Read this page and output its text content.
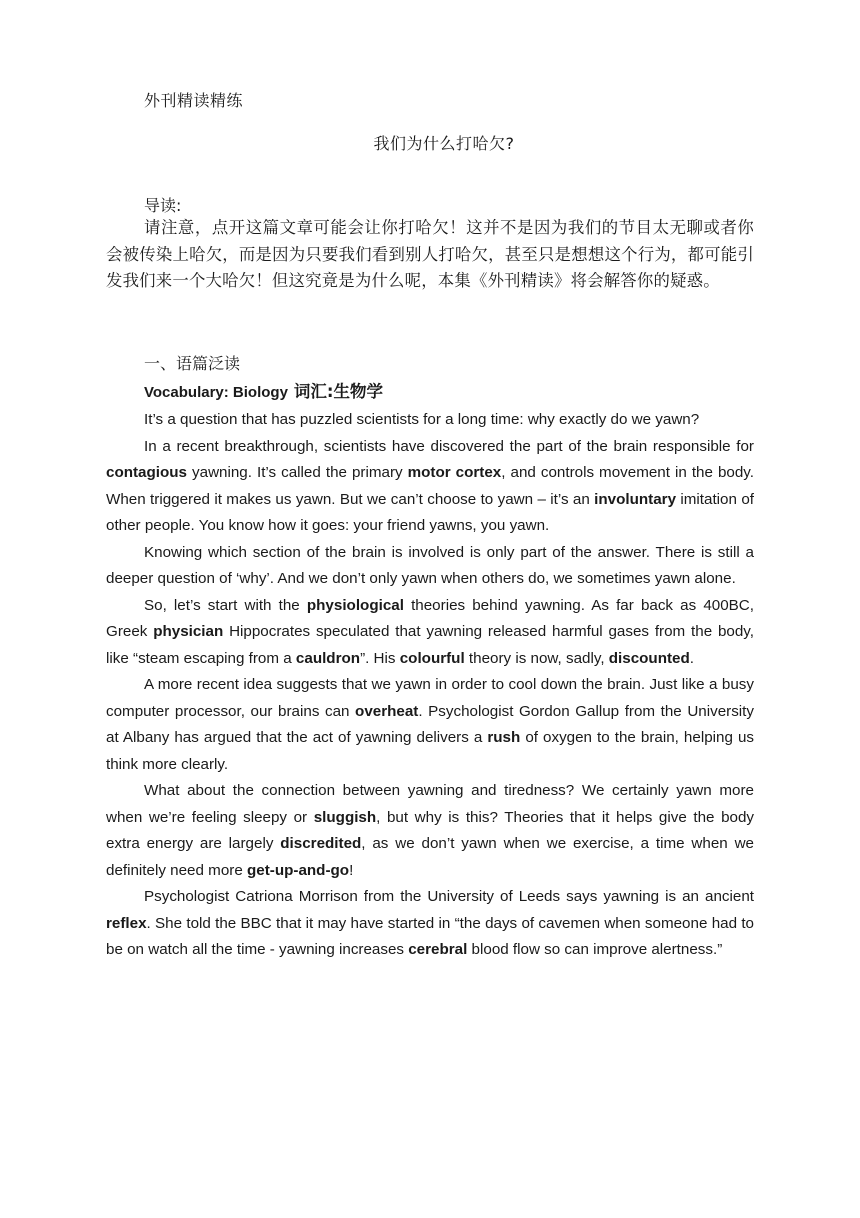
外刊精读精练
我们为什么打哈欠?
导读:
请注意，点开这篇文章可能会让你打哈欠！这并不是因为我们的节目太无聊或者你会被传染上哈欠，而是因为只要我们看到别人打哈欠，甚至只是想想这个行为，都可能引发我们来一个大哈欠！但这究竟是为什么呢，本集《外刊精读》将会解答你的疑惑。
一、语篇泛读
Vocabulary: Biology 词汇:生物学

It’s a question that has puzzled scientists for a long time: why exactly do we yawn?

In a recent breakthrough, scientists have discovered the part of the brain responsible for contagious yawning. It’s called the primary motor cortex, and controls movement in the body. When triggered it makes us yawn. But we can’t choose to yawn – it’s an involuntary imitation of other people. You know how it goes: your friend yawns, you yawn.

Knowing which section of the brain is involved is only part of the answer. There is still a deeper question of ‘why’. And we don’t only yawn when others do, we sometimes yawn alone.

So, let’s start with the physiological theories behind yawning. As far back as 400BC, Greek physician Hippocrates speculated that yawning released harmful gases from the body, like “steam escaping from a cauldron”. His colourful theory is now, sadly, discounted.

A more recent idea suggests that we yawn in order to cool down the brain. Just like a busy computer processor, our brains can overheat. Psychologist Gordon Gallup from the University at Albany has argued that the act of yawning delivers a rush of oxygen to the brain, helping us think more clearly.

What about the connection between yawning and tiredness? We certainly yawn more when we’re feeling sleepy or sluggish, but why is this? Theories that it helps give the body extra energy are largely discredited, as we don’t yawn when we exercise, a time when we definitely need more get-up-and-go!

Psychologist Catriona Morrison from the University of Leeds says yawning is an ancient reflex. She told the BBC that it may have started in “the days of cavemen when someone had to be on watch all the time - yawning increases cerebral blood flow so can improve alertness.”
